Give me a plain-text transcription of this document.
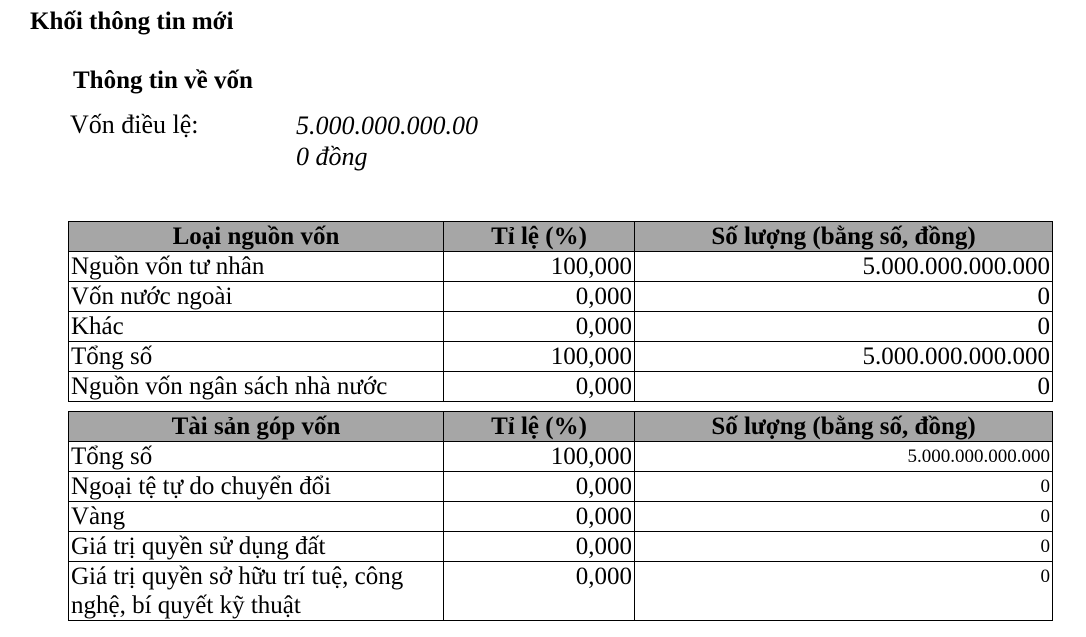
Khối thông tin mới
Thông tin về vốn
Vốn điều lệ:	5.000.000.000.00
0 đồng
Loại nguồn vốn	Tỉ lệ (%)	Số lượng (bằng số, đồng)
Nguồn vốn tư nhân	100,000	5.000.000.000.000
Vốn nước ngoài	0,000	0
Khác	0,000	0
Tổng số	100,000	5.000.000.000.000
Nguồn vốn ngân sách nhà nước	0,000	0
Tài sản góp vốn	Tỉ lệ (%)	Số lượng (bằng số, đồng)
Tổng số	100,000	5.000.000.000.000
Ngoại tệ tự do chuyển đổi	0,000	0
Vàng	0,000	0
Giá trị quyền sử dụng đất	0,000	0
Giá trị quyền sở hữu trí tuệ, công nghệ, bí quyết kỹ thuật	0,000	0
